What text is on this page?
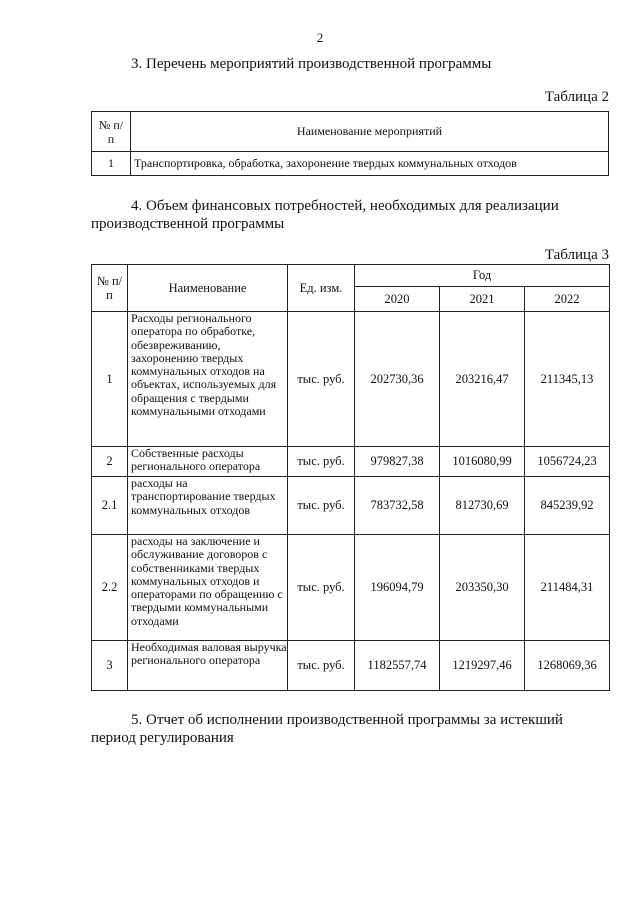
2
3. Перечень мероприятий производственной программы
Таблица 2
№ п/п	Наименование мероприятий
1	Транспортировка, обработка, захоронение твердых коммунальных отходов
4. Объем финансовых потребностей, необходимых для реализации
производственной программы
Таблица 3
№ п/п	Наименование	Ед. изм.	Год		
			2020	2021	2022
1	Расходы регионального оператора по обработке, обезвреживанию, захоронению твердых коммунальных отходов на объектах, используемых для обращения с твердыми коммунальными отходами	тыс. руб.	202730,36	203216,47	211345,13
2	Собственные расходы регионального оператора	тыс. руб.	979827,38	1016080,99	1056724,23
2.1	расходы на транспортирование твердых коммунальных отходов	тыс. руб.	783732,58	812730,69	845239,92
2.2	расходы на заключение и обслуживание договоров с собственниками твердых коммунальных отходов и операторами по обращению с твердыми коммунальными отходами	тыс. руб.	196094,79	203350,30	211484,31
3	Необходимая валовая выручка регионального оператора	тыс. руб.	1182557,74	1219297,46	1268069,36
5. Отчет об исполнении производственной программы за истекший
период регулирования
